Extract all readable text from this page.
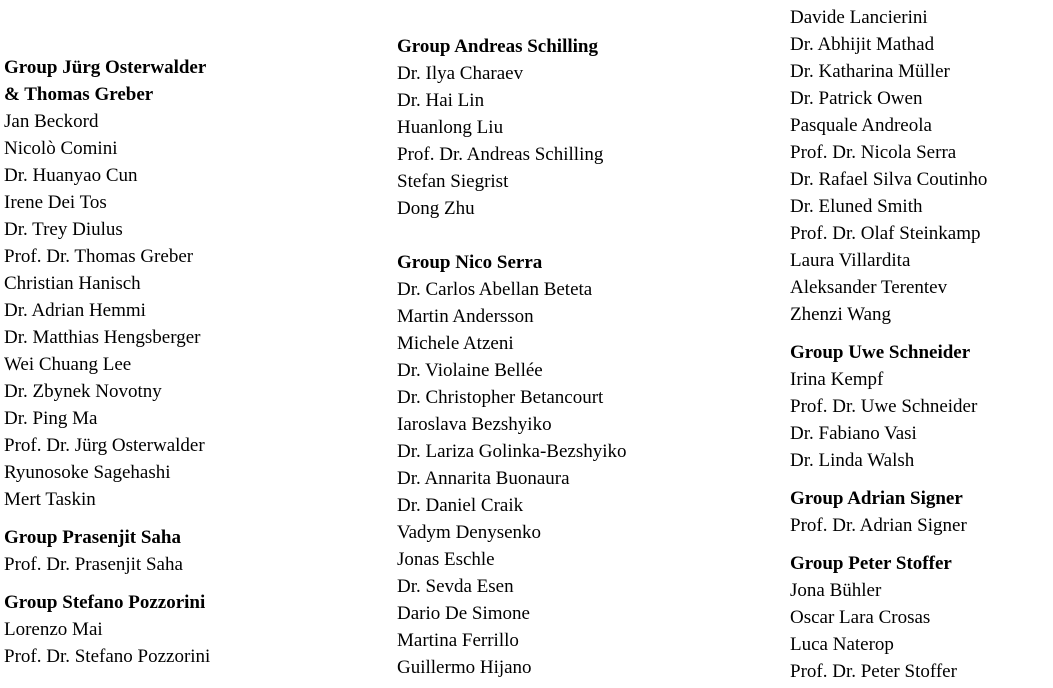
Group Jürg Osterwalder
& Thomas Greber
Jan Beckord
Nicolò Comini
Dr. Huanyao Cun
Irene Dei Tos
Dr. Trey Diulus
Prof. Dr. Thomas Greber
Christian Hanisch
Dr. Adrian Hemmi
Dr. Matthias Hengsberger
Wei Chuang Lee
Dr. Zbynek Novotny
Dr. Ping Ma
Prof. Dr. Jürg Osterwalder
Ryunosoke Sagehashi
Mert Taskin
Group Prasenjit Saha
Prof. Dr. Prasenjit Saha
Group Stefano Pozzorini
Lorenzo Mai
Prof. Dr. Stefano Pozzorini
Group Andreas Schilling
Dr. Ilya Charaev
Dr. Hai Lin
Huanlong Liu
Prof. Dr. Andreas Schilling
Stefan Siegrist
Dong Zhu
Group Nico Serra
Dr. Carlos Abellan Beteta
Martin Andersson
Michele Atzeni
Dr. Violaine Bellée
Dr. Christopher Betancourt
Iaroslava Bezshyiko
Dr. Lariza Golinka-Bezshyiko
Dr. Annarita Buonaura
Dr. Daniel Craik
Vadym Denysenko
Jonas Eschle
Dr. Sevda Esen
Dario De Simone
Martina Ferrillo
Guillermo Hijano
Davide Lancierini
Dr. Abhijit Mathad
Dr. Katharina Müller
Dr. Patrick Owen
Pasquale Andreola
Prof. Dr. Nicola Serra
Dr. Rafael Silva Coutinho
Dr. Eluned Smith
Prof. Dr. Olaf Steinkamp
Laura Villardita
Aleksander Terentev
Zhenzi Wang
Group Uwe Schneider
Irina Kempf
Prof. Dr. Uwe Schneider
Dr. Fabiano Vasi
Dr. Linda Walsh
Group Adrian Signer
Prof. Dr. Adrian Signer
Group Peter Stoffer
Jona Bühler
Oscar Lara Crosas
Luca Naterop
Prof. Dr. Peter Stoffer
